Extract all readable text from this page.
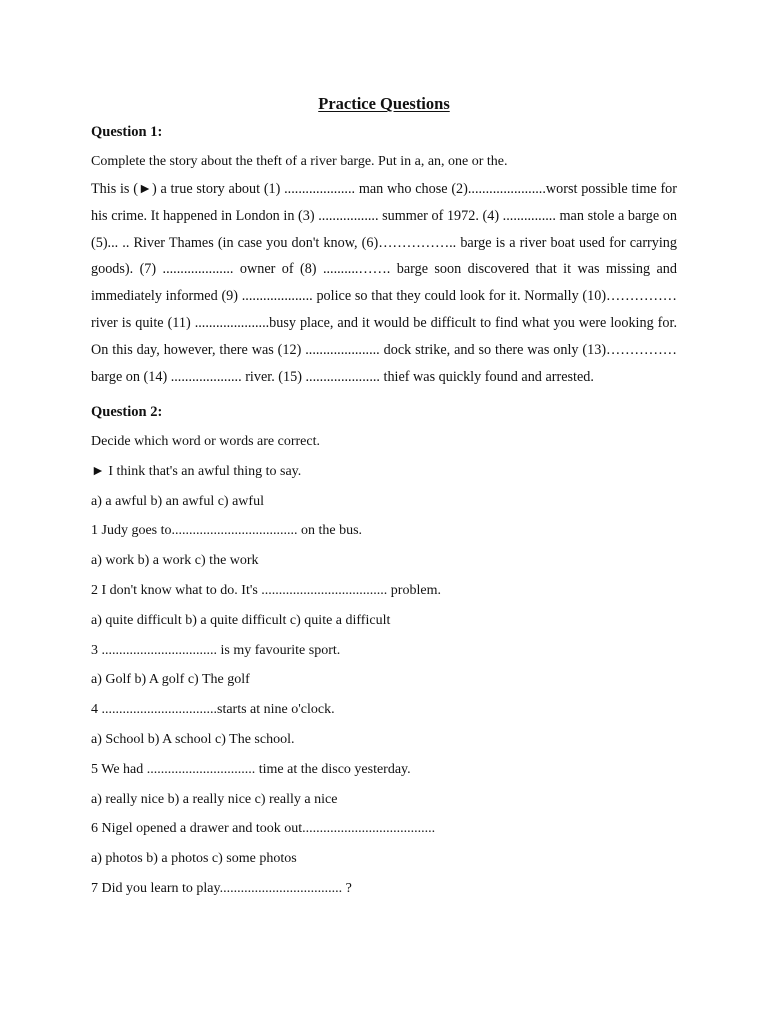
Practice Questions

Question 1:

Complete the story about the theft of a river barge. Put in a, an, one or the.

This is (►) a true story about (1) .................... man who chose (2)......................worst possible time for his crime. It happened in London in (3) ................. summer of 1972. (4) ............... man stole a barge on (5)... .. River Thames (in case you don't know, (6)…………….. barge is a river boat used for carrying goods). (7) .................... owner of (8) ..........……. barge soon discovered that it was missing and immediately informed (9) .................... police so that they could look for it. Normally (10)…………… river is quite (11) .....................busy place, and it would be difficult to find what you were looking for. On this day, however, there was (12) ..................... dock strike, and so there was only (13)…………… barge on (14) .................... river. (15) ..................... thief was quickly found and arrested.

Question 2:

Decide which word or words are correct.

► I think that's an awful thing to say.

a) a awful b) an awful c) awful

1 Judy goes to.................................... on the bus.

a) work b) a work c) the work

2 I don't know what to do. It's .................................... problem.

a) quite difficult b) a quite difficult c) quite a difficult

3 ................................. is my favourite sport.

a) Golf b) A golf c) The golf

4 .................................starts at nine o'clock.

a) School b) A school c) The school.

5 We had ............................... time at the disco yesterday.

a) really nice b) a really nice c) really a nice

6 Nigel opened a drawer and took out......................................

a) photos b) a photos c) some photos

7 Did you learn to play................................... ?
